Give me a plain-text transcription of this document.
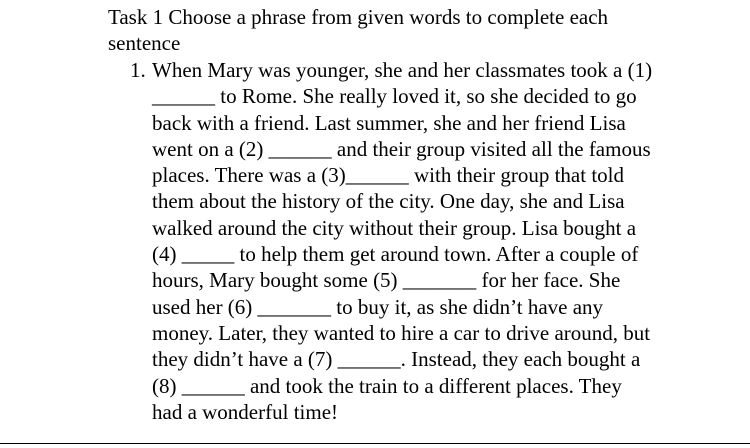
Task 1 Choose a phrase from given words to complete each
sentence
1. When Mary was younger, she and her classmates took a (1)
______ to Rome. She really loved it, so she decided to go
back with a friend. Last summer, she and her friend Lisa
went on a (2) ______ and their group visited all the famous
places. There was a (3)______ with their group that told
them about the history of the city. One day, she and Lisa
walked around the city without their group. Lisa bought a
(4) _____ to help them get around town. After a couple of
hours, Mary bought some (5) _______ for her face. She
used her (6) _______ to buy it, as she didn’t have any
money. Later, they wanted to hire a car to drive around, but
they didn’t have a (7) ______. Instead, they each bought a
(8) ______ and took the train to a different places. They
had a wonderful time!
